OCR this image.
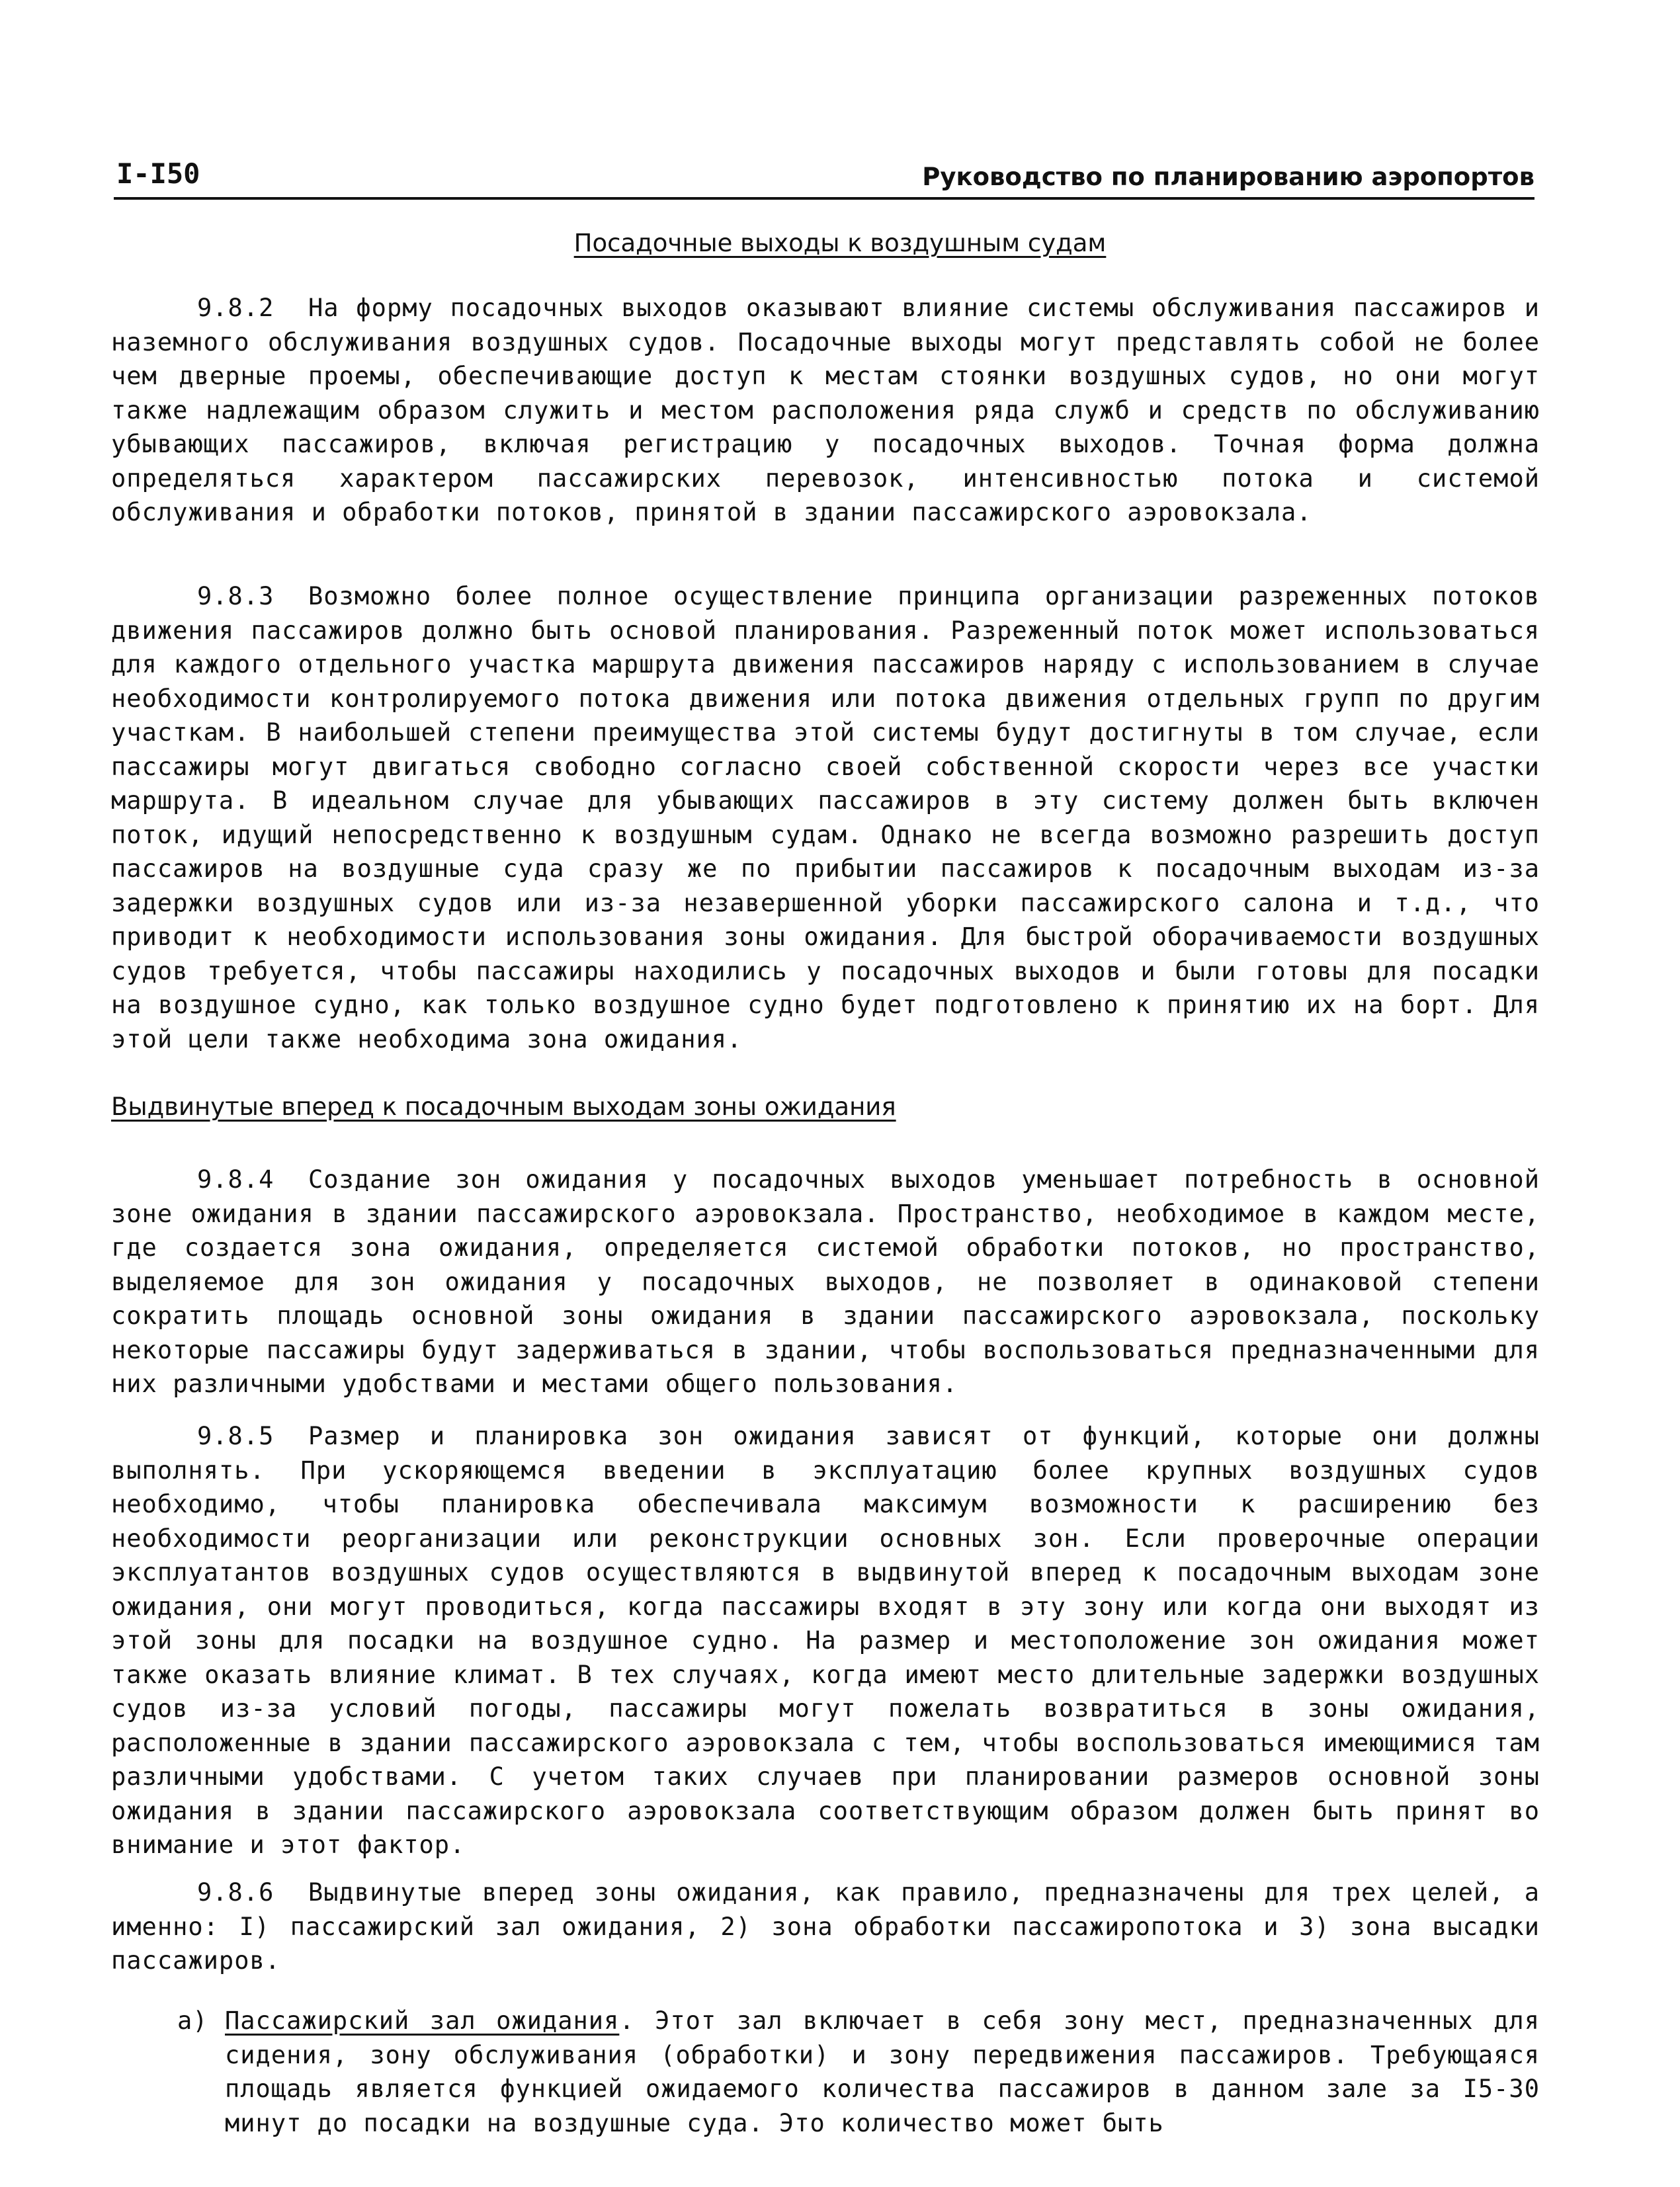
I-I50	Руководство по планированию аэропортов
Посадочные выходы к воздушным судам
9.8.2 На форму посадочных выходов оказывают влияние системы обслуживания пассажиров и наземного обслуживания воздушных судов. Посадочные выходы могут представлять собой не более чем дверные проемы, обеспечивающие доступ к местам стоянки воздушных судов, но они могут также надлежащим образом служить и местом расположения ряда служб и средств по обслуживанию убывающих пассажиров, включая регистрацию у посадочных выходов. Точная форма должна определяться характером пассажирских перевозок, интенсивностью потока и системой обслуживания и обработки потоков, принятой в здании пассажирского аэровокзала.
9.8.3 Возможно более полное осуществление принципа организации разреженных потоков движения пассажиров должно быть основой планирования. Разреженный поток может использоваться для каждого отдельного участка маршрута движения пассажиров наряду с использованием в случае необходимости контролируемого потока движения или потока движения отдельных групп по другим участкам. В наибольшей степени преимущества этой системы будут достигнуты в том случае, если пассажиры могут двигаться свободно согласно своей собственной скорости через все участки маршрута. В идеальном случае для убывающих пассажиров в эту систему должен быть включен поток, идущий непосредственно к воздушным судам. Однако не всегда возможно разрешить доступ пассажиров на воздушные суда сразу же по прибытии пассажиров к посадочным выходам из-за задержки воздушных судов или из-за незавершенной уборки пассажирского салона и т.д., что приводит к необходимости использования зоны ожидания. Для быстрой оборачиваемости воздушных судов требуется, чтобы пассажиры находились у посадочных выходов и были готовы для посадки на воздушное судно, как только воздушное судно будет подготовлено к принятию их на борт. Для этой цели также необходима зона ожидания.
Выдвинутые вперед к посадочным выходам зоны ожидания
9.8.4 Создание зон ожидания у посадочных выходов уменьшает потребность в основной зоне ожидания в здании пассажирского аэровокзала. Пространство, необходимое в каждом месте, где создается зона ожидания, определяется системой обработки потоков, но пространство, выделяемое для зон ожидания у посадочных выходов, не позволяет в одинаковой степени сократить площадь основной зоны ожидания в здании пассажирского аэровокзала, поскольку некоторые пассажиры будут задерживаться в здании, чтобы воспользоваться предназначенными для них различными удобствами и местами общего пользования.
9.8.5 Размер и планировка зон ожидания зависят от функций, которые они должны выполнять. При ускоряющемся введении в эксплуатацию более крупных воздушных судов необходимо, чтобы планировка обеспечивала максимум возможности к расширению без необходимости реорганизации или реконструкции основных зон. Если проверочные операции эксплуатантов воздушных судов осуществляются в выдвинутой вперед к посадочным выходам зоне ожидания, они могут проводиться, когда пассажиры входят в эту зону или когда они выходят из этой зоны для посадки на воздушное судно. На размер и местоположение зон ожидания может также оказать влияние климат. В тех случаях, когда имеют место длительные задержки воздушных судов из-за условий погоды, пассажиры могут пожелать возвратиться в зоны ожидания, расположенные в здании пассажирского аэровокзала с тем, чтобы воспользоваться имеющимися там различными удобствами. С учетом таких случаев при планировании размеров основной зоны ожидания в здании пассажирского аэровокзала соответствующим образом должен быть принят во внимание и этот фактор.
9.8.6 Выдвинутые вперед зоны ожидания, как правило, предназначены для трех целей, а именно: I) пассажирский зал ожидания, 2) зона обработки пассажиропотока и 3) зона высадки пассажиров.
а) Пассажирский зал ожидания. Этот зал включает в себя зону мест, предназначенных для сидения, зону обслуживания (обработки) и зону передвижения пассажиров. Требующаяся площадь является функцией ожидаемого количества пассажиров в данном зале за I5-30 минут до посадки на воздушные суда. Это количество может быть
